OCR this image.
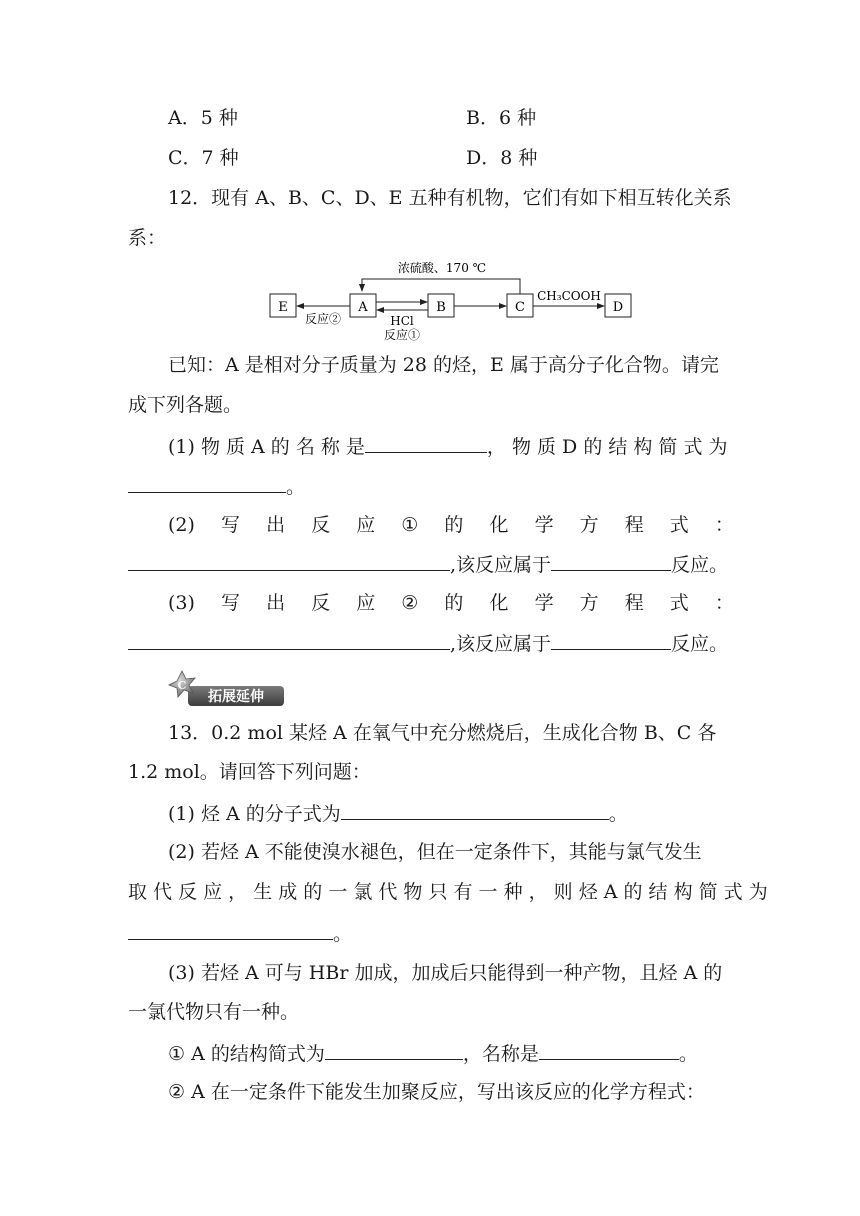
A．5 种	B．6 种
C．7 种	D．8 种
12．现有 A、B、C、D、E 五种有机物，它们有如下相互转化关系
系：
浓硫酸、170 ℃
E	A	B	C	D
反应②	HCl
反应①
CH₃COOH
已知：A 是相对分子质量为 28 的烃，E 属于高分子化合物。请完
成下列各题。
(1) 物 质 A 的 名 称 是	， 物 质 D 的 结 构 简 式 为
。
(2) 写 出 反 应 ① 的 化 学 方 程 式 ：
,该反应属于	反应。
(3) 写 出 反 应 ② 的 化 学 方 程 式 ：
,该反应属于	反应。
C
拓展延伸
13．0.2 mol 某烃 A 在氧气中充分燃烧后，生成化合物 B、C 各
1.2 mol。请回答下列问题：
(1) 烃 A 的分子式为	。
(2) 若烃 A 不能使溴水褪色，但在一定条件下，其能与氯气发生
取 代 反 应 ， 生 成 的 一 氯 代 物 只 有 一 种 ， 则 烃 A 的 结 构 简 式 为
。
(3) 若烃 A 可与 HBr 加成，加成后只能得到一种产物，且烃 A 的
一氯代物只有一种。
① A 的结构简式为	，名称是	。
② A 在一定条件下能发生加聚反应，写出该反应的化学方程式：
